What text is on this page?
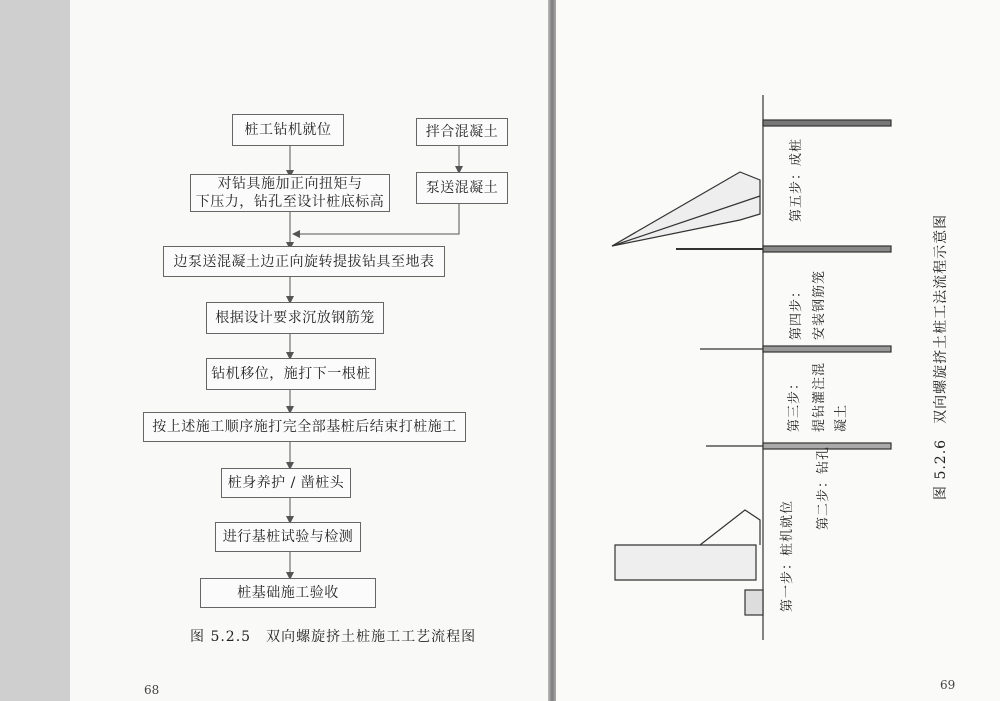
桩工钻机就位
对钻具施加正向扭矩与
下压力，钻孔至设计桩底标高
边泵送混凝土边正向旋转提拔钻具至地表
根据设计要求沉放钢筋笼
钻机移位，施打下一根桩
按上述施工顺序施打完全部基桩后结束打桩施工
桩身养护 / 凿桩头
进行基桩试验与检测
桩基础施工验收
拌合混凝土
泵送混凝土
图 5.2.5　双向螺旋挤土桩施工工艺流程图
68
第一步：桩机就位
第二步：钻孔
第三步： 提钻灌注混 凝土
第四步： 安装钢筋笼
第五步：成桩
图 5.2.6　双向螺旋挤土桩工法流程示意图
69
